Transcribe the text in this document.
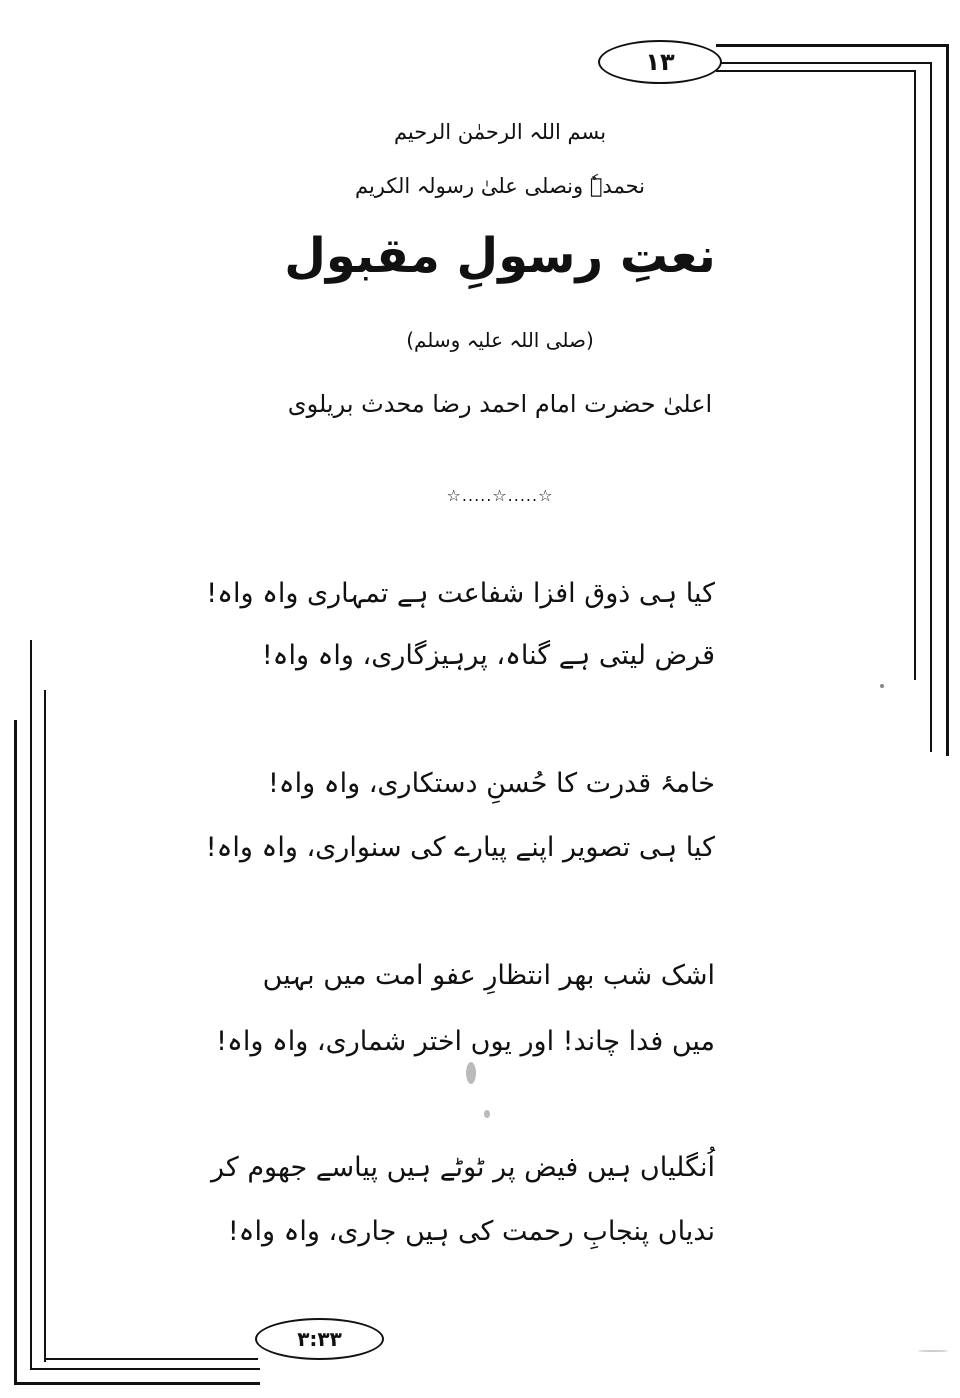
١٣
بسم اللہ الرحمٰن الرحیم
نحمدہٗ ونصلی علیٰ رسولہ الکریم
نعتِ رسولِ مقبول
(صلی اللہ علیہ وسلم)
اعلیٰ حضرت امام احمد رضا محدث بریلوی
☆.....☆.....☆
کیا ہی ذوق افزا شفاعت ہے تمہاری واہ واہ!
قرض لیتی ہے گناہ، پرہیزگاری، واہ واہ!
خامۂ قدرت کا حُسنِ دستکاری، واہ واہ!
کیا ہی تصویر اپنے پیارے کی سنواری، واہ واہ!
اشک شب بھر انتظارِ عفو امت میں بہیں
میں فدا چاند! اور یوں اختر شماری، واہ واہ!
اُنگلیاں ہیں فیض پر ٹوٹے ہیں پیاسے جھوم کر
ندیاں پنجابِ رحمت کی ہیں جاری، واہ واہ!
٣:٣٣
